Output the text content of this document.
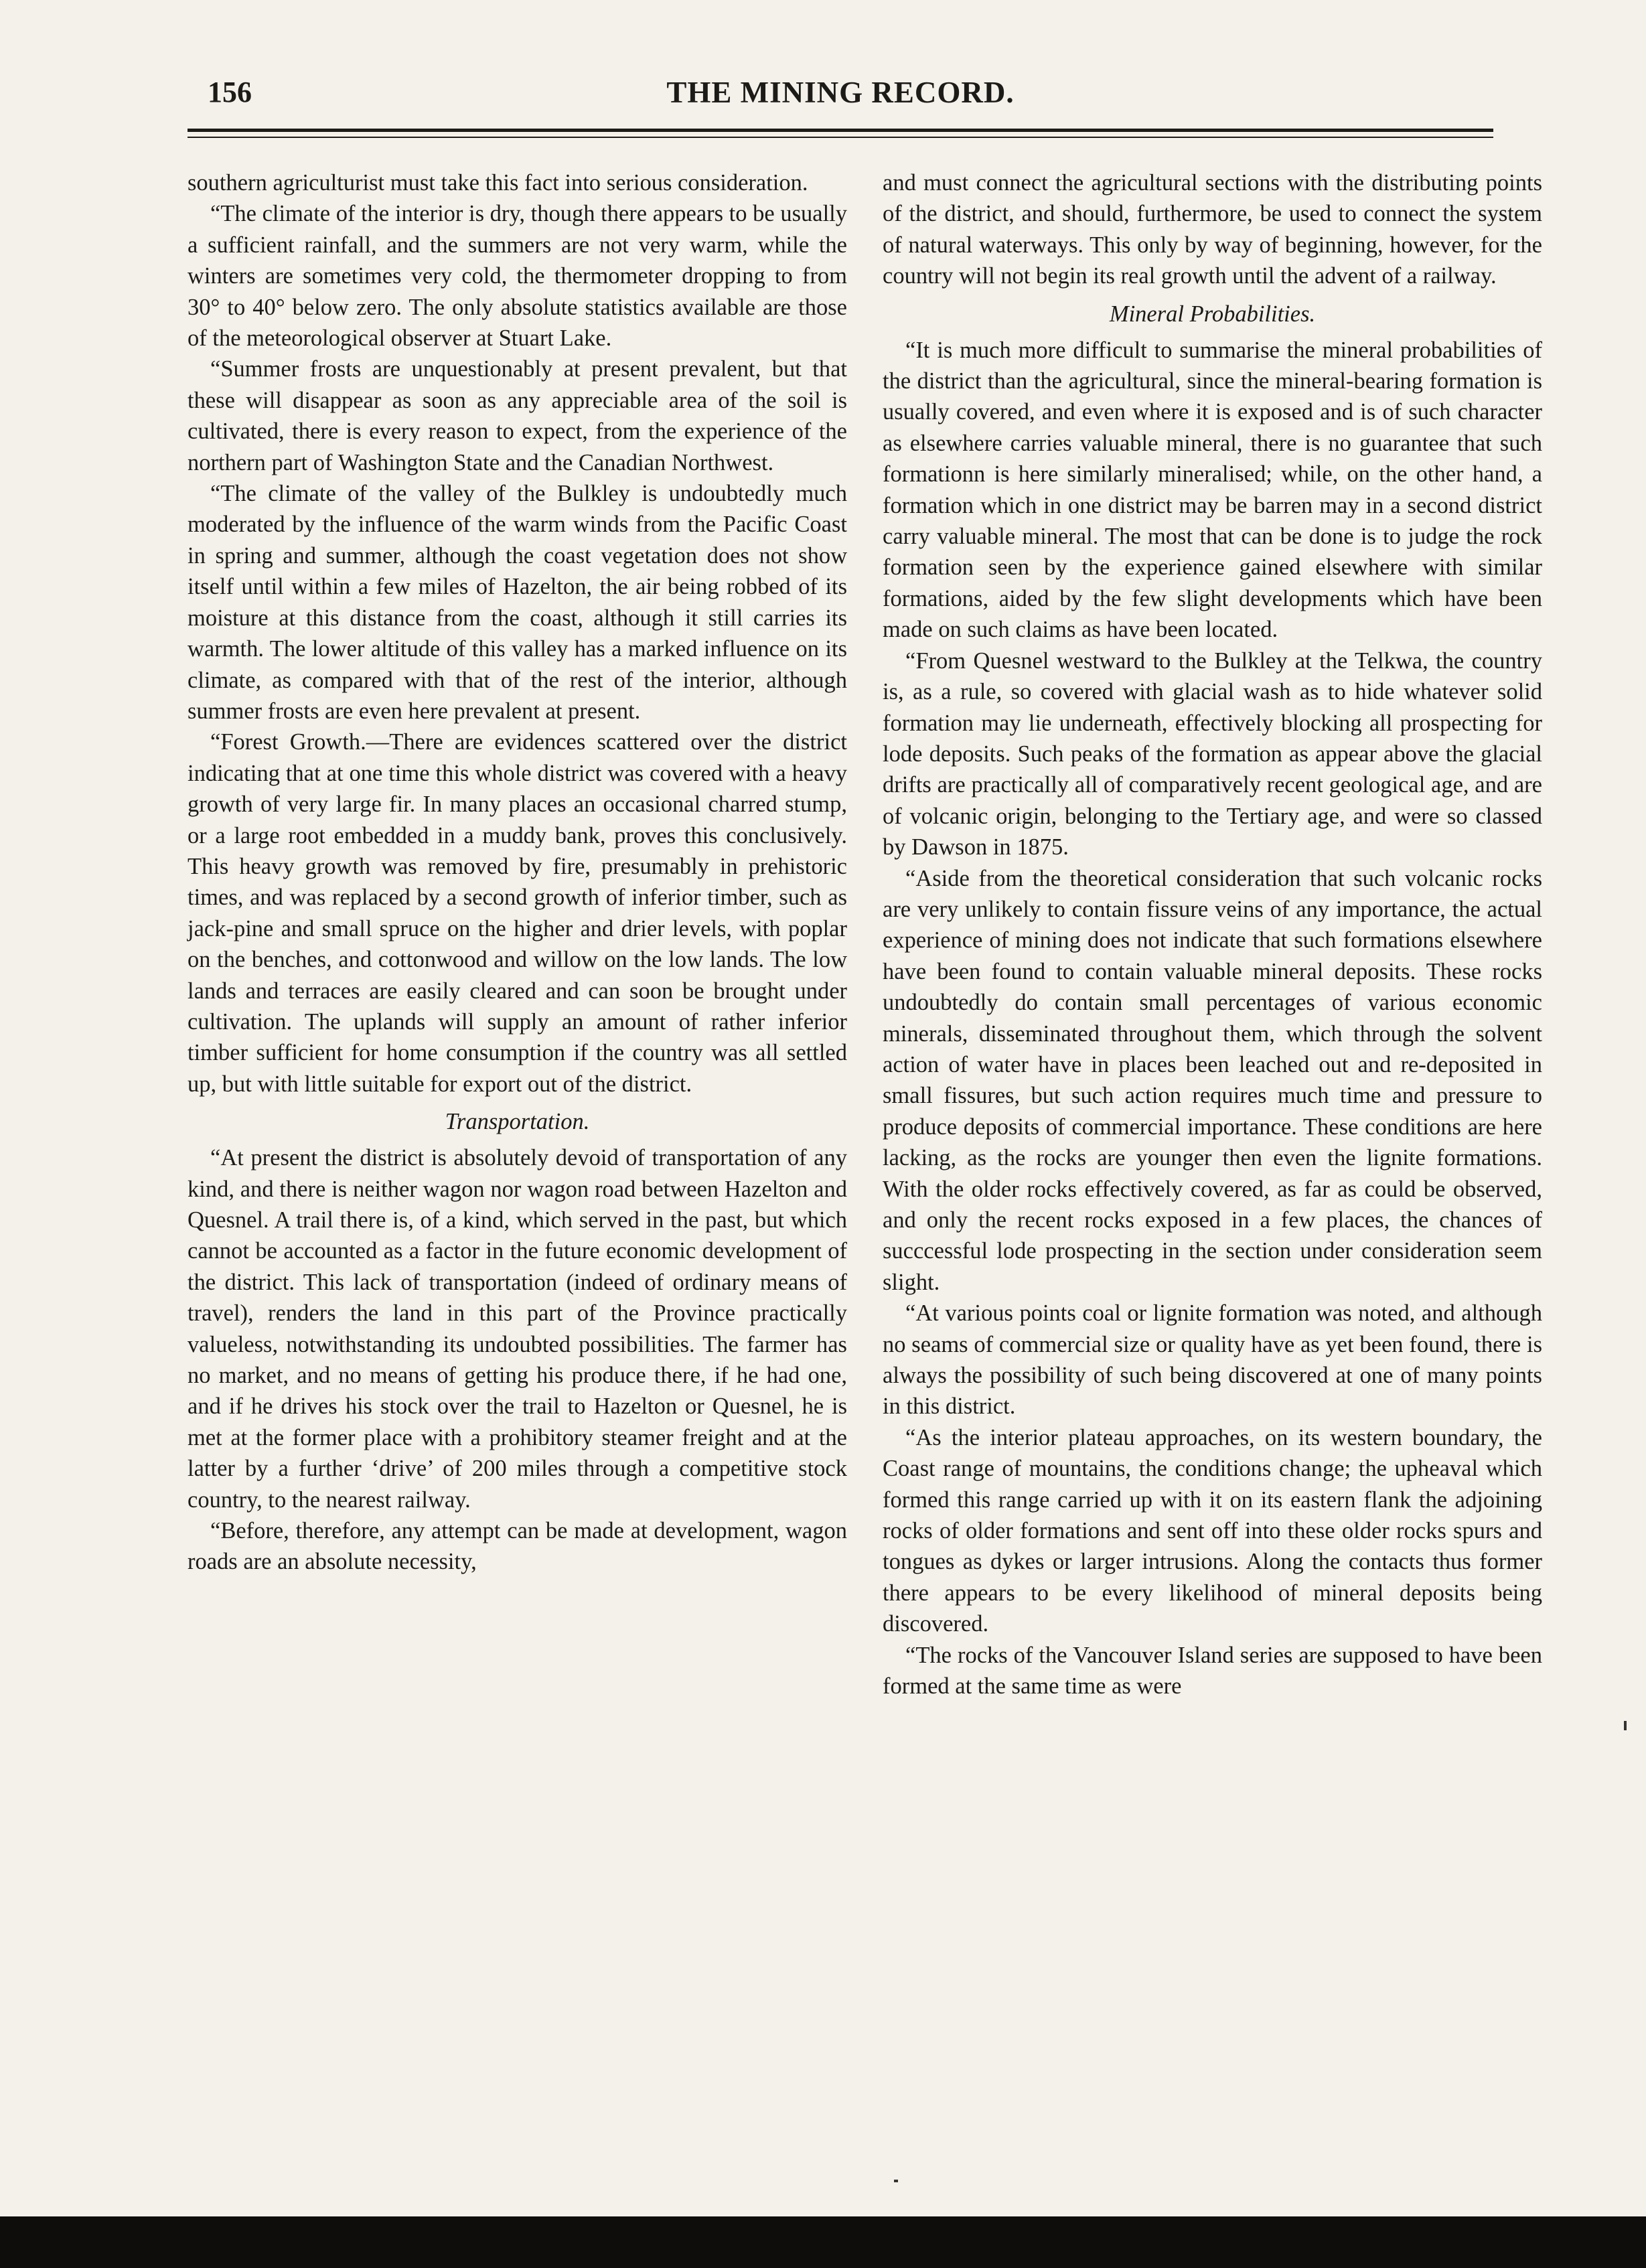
156	THE MINING RECORD.

southern agriculturist must take this fact into serious consideration.

“The climate of the interior is dry, though there appears to be usually a sufficient rainfall, and the summers are not very warm, while the winters are sometimes very cold, the thermometer dropping to from 30° to 40° below zero. The only absolute statistics available are those of the meteorological observer at Stuart Lake.

“Summer frosts are unquestionably at present prevalent, but that these will disappear as soon as any appreciable area of the soil is cultivated, there is every reason to expect, from the experience of the northern part of Washington State and the Canadian Northwest.

“The climate of the valley of the Bulkley is undoubtedly much moderated by the influence of the warm winds from the Pacific Coast in spring and summer, although the coast vegetation does not show itself until within a few miles of Hazelton, the air being robbed of its moisture at this distance from the coast, although it still carries its warmth. The lower altitude of this valley has a marked influence on its climate, as compared with that of the rest of the interior, although summer frosts are even here prevalent at present.

“Forest Growth.—There are evidences scattered over the district indicating that at one time this whole district was covered with a heavy growth of very large fir. In many places an occasional charred stump, or a large root embedded in a muddy bank, proves this conclusively. This heavy growth was removed by fire, presumably in prehistoric times, and was replaced by a second growth of inferior timber, such as jack-pine and small spruce on the higher and drier levels, with poplar on the benches, and cottonwood and willow on the low lands. The low lands and terraces are easily cleared and can soon be brought under cultivation. The uplands will supply an amount of rather inferior timber sufficient for home consumption if the country was all settled up, but with little suitable for export out of the district.

Transportation.

“At present the district is absolutely devoid of transportation of any kind, and there is neither wagon nor wagon road between Hazelton and Quesnel. A trail there is, of a kind, which served in the past, but which cannot be accounted as a factor in the future economic development of the district. This lack of transportation (indeed of ordinary means of travel), renders the land in this part of the Province practically valueless, notwithstanding its undoubted possibilities. The farmer has no market, and no means of getting his produce there, if he had one, and if he drives his stock over the trail to Hazelton or Quesnel, he is met at the former place with a prohibitory steamer freight and at the latter by a further ‘drive’ of 200 miles through a competitive stock country, to the nearest railway.

“Before, therefore, any attempt can be made at development, wagon roads are an absolute necessity,

and must connect the agricultural sections with the distributing points of the district, and should, furthermore, be used to connect the system of natural waterways. This only by way of beginning, however, for the country will not begin its real growth until the advent of a railway.

Mineral Probabilities.

“It is much more difficult to summarise the mineral probabilities of the district than the agricultural, since the mineral-bearing formation is usually covered, and even where it is exposed and is of such character as elsewhere carries valuable mineral, there is no guarantee that such formationn is here similarly mineralised; while, on the other hand, a formation which in one district may be barren may in a second district carry valuable mineral. The most that can be done is to judge the rock formation seen by the experience gained elsewhere with similar formations, aided by the few slight developments which have been made on such claims as have been located.

“From Quesnel westward to the Bulkley at the Telkwa, the country is, as a rule, so covered with glacial wash as to hide whatever solid formation may lie underneath, effectively blocking all prospecting for lode deposits. Such peaks of the formation as appear above the glacial drifts are practically all of comparatively recent geological age, and are of volcanic origin, belonging to the Tertiary age, and were so classed by Dawson in 1875.

“Aside from the theoretical consideration that such volcanic rocks are very unlikely to contain fissure veins of any importance, the actual experience of mining does not indicate that such formations elsewhere have been found to contain valuable mineral deposits. These rocks undoubtedly do contain small percentages of various economic minerals, disseminated throughout them, which through the solvent action of water have in places been leached out and re-deposited in small fissures, but such action requires much time and pressure to produce deposits of commercial importance. These conditions are here lacking, as the rocks are younger then even the lignite formations. With the older rocks effectively covered, as far as could be observed, and only the recent rocks exposed in a few places, the chances of succcessful lode prospecting in the section under consideration seem slight.

“At various points coal or lignite formation was noted, and although no seams of commercial size or quality have as yet been found, there is always the possibility of such being discovered at one of many points in this district.

“As the interior plateau approaches, on its western boundary, the Coast range of mountains, the conditions change; the upheaval which formed this range carried up with it on its eastern flank the adjoining rocks of older formations and sent off into these older rocks spurs and tongues as dykes or larger intrusions. Along the contacts thus former there appears to be every likelihood of mineral deposits being discovered.

“The rocks of the Vancouver Island series are supposed to have been formed at the same time as were
